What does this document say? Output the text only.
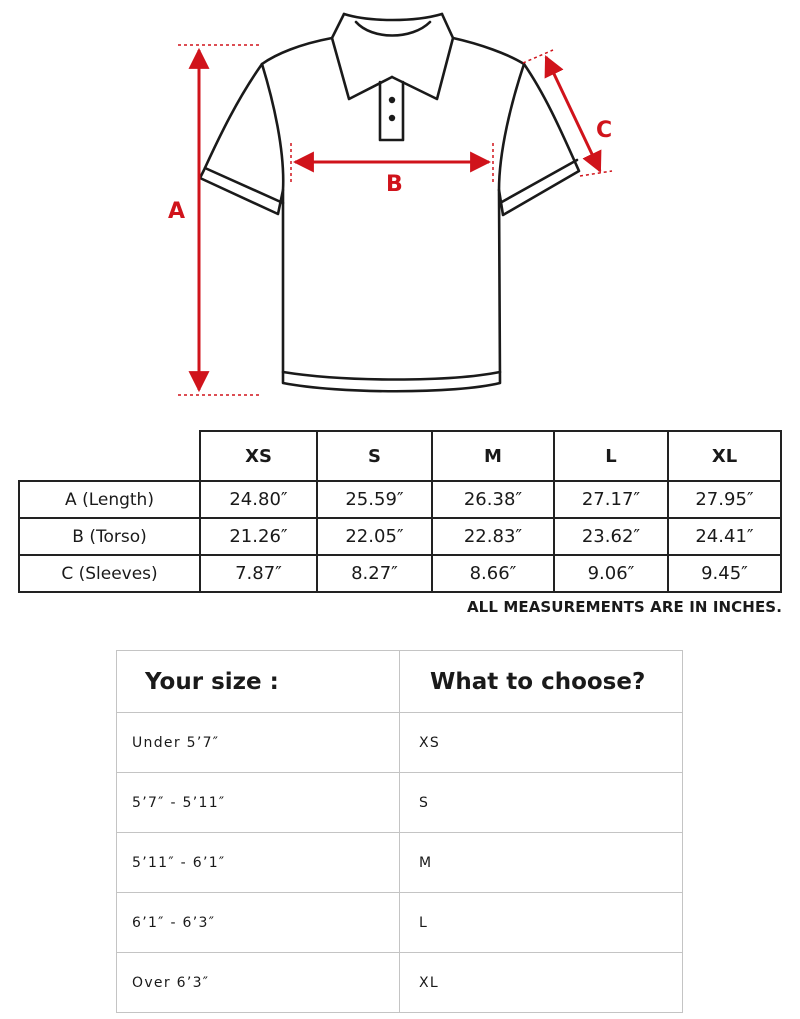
A
B
C
	XS	S	M	L	XL
A (Length)	24.80″	25.59″	26.38″	27.17″	27.95″
B (Torso)	21.26″	22.05″	22.83″	23.62″	24.41″
C (Sleeves)	7.87″	8.27″	8.66″	9.06″	9.45″
ALL MEASUREMENTS ARE IN INCHES.
Your size :	What to choose?
Under 5’7″	XS
5’7″ - 5’11″	S
5’11″ - 6’1″	M
6’1″ - 6’3″	L
Over 6’3″	XL
